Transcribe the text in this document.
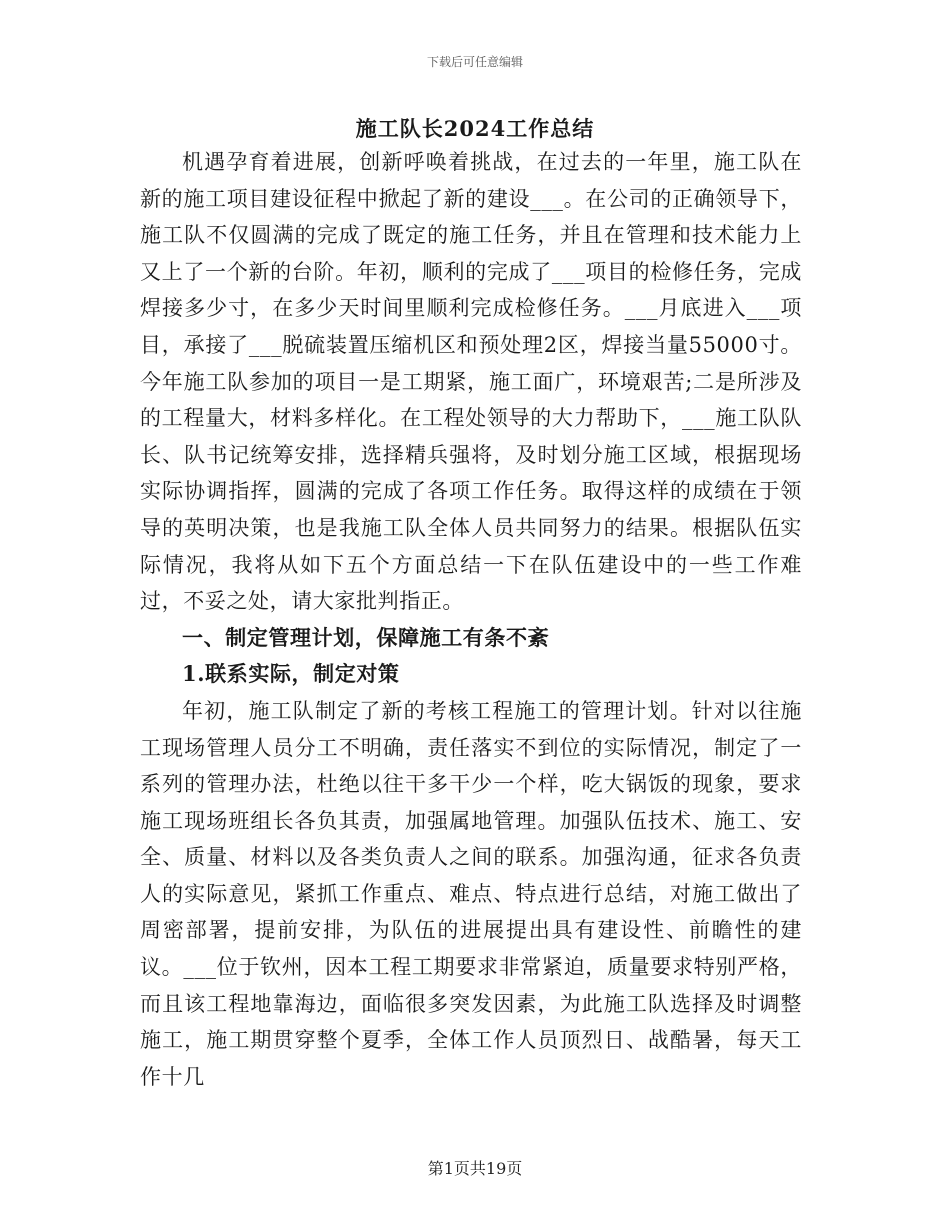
下载后可任意编辑
施工队长2024工作总结

机遇孕育着进展，创新呼唤着挑战，在过去的一年里，施工队在新的施工项目建设征程中掀起了新的建设___。在公司的正确领导下，施工队不仅圆满的完成了既定的施工任务，并且在管理和技术能力上又上了一个新的台阶。年初，顺利的完成了___项目的检修任务，完成焊接多少寸，在多少天时间里顺利完成检修任务。___月底进入___项目，承接了___脱硫装置压缩机区和预处理2区，焊接当量55000寸。今年施工队参加的项目一是工期紧，施工面广，环境艰苦;二是所涉及的工程量大，材料多样化。在工程处领导的大力帮助下，___施工队队长、队书记统筹安排，选择精兵强将，及时划分施工区域，根据现场实际协调指挥，圆满的完成了各项工作任务。取得这样的成绩在于领导的英明决策，也是我施工队全体人员共同努力的结果。根据队伍实际情况，我将从如下五个方面总结一下在队伍建设中的一些工作难过，不妥之处，请大家批判指正。

一、制定管理计划，保障施工有条不紊

1.联系实际，制定对策

年初，施工队制定了新的考核工程施工的管理计划。针对以往施工现场管理人员分工不明确，责任落实不到位的实际情况，制定了一系列的管理办法，杜绝以往干多干少一个样，吃大锅饭的现象，要求施工现场班组长各负其责，加强属地管理。加强队伍技术、施工、安全、质量、材料以及各类负责人之间的联系。加强沟通，征求各负责人的实际意见，紧抓工作重点、难点、特点进行总结，对施工做出了周密部署，提前安排，为队伍的进展提出具有建设性、前瞻性的建议。___位于钦州，因本工程工期要求非常紧迫，质量要求特别严格，而且该工程地靠海边，面临很多突发因素，为此施工队选择及时调整施工，施工期贯穿整个夏季，全体工作人员顶烈日、战酷暑，每天工作十几

第1页共19页
